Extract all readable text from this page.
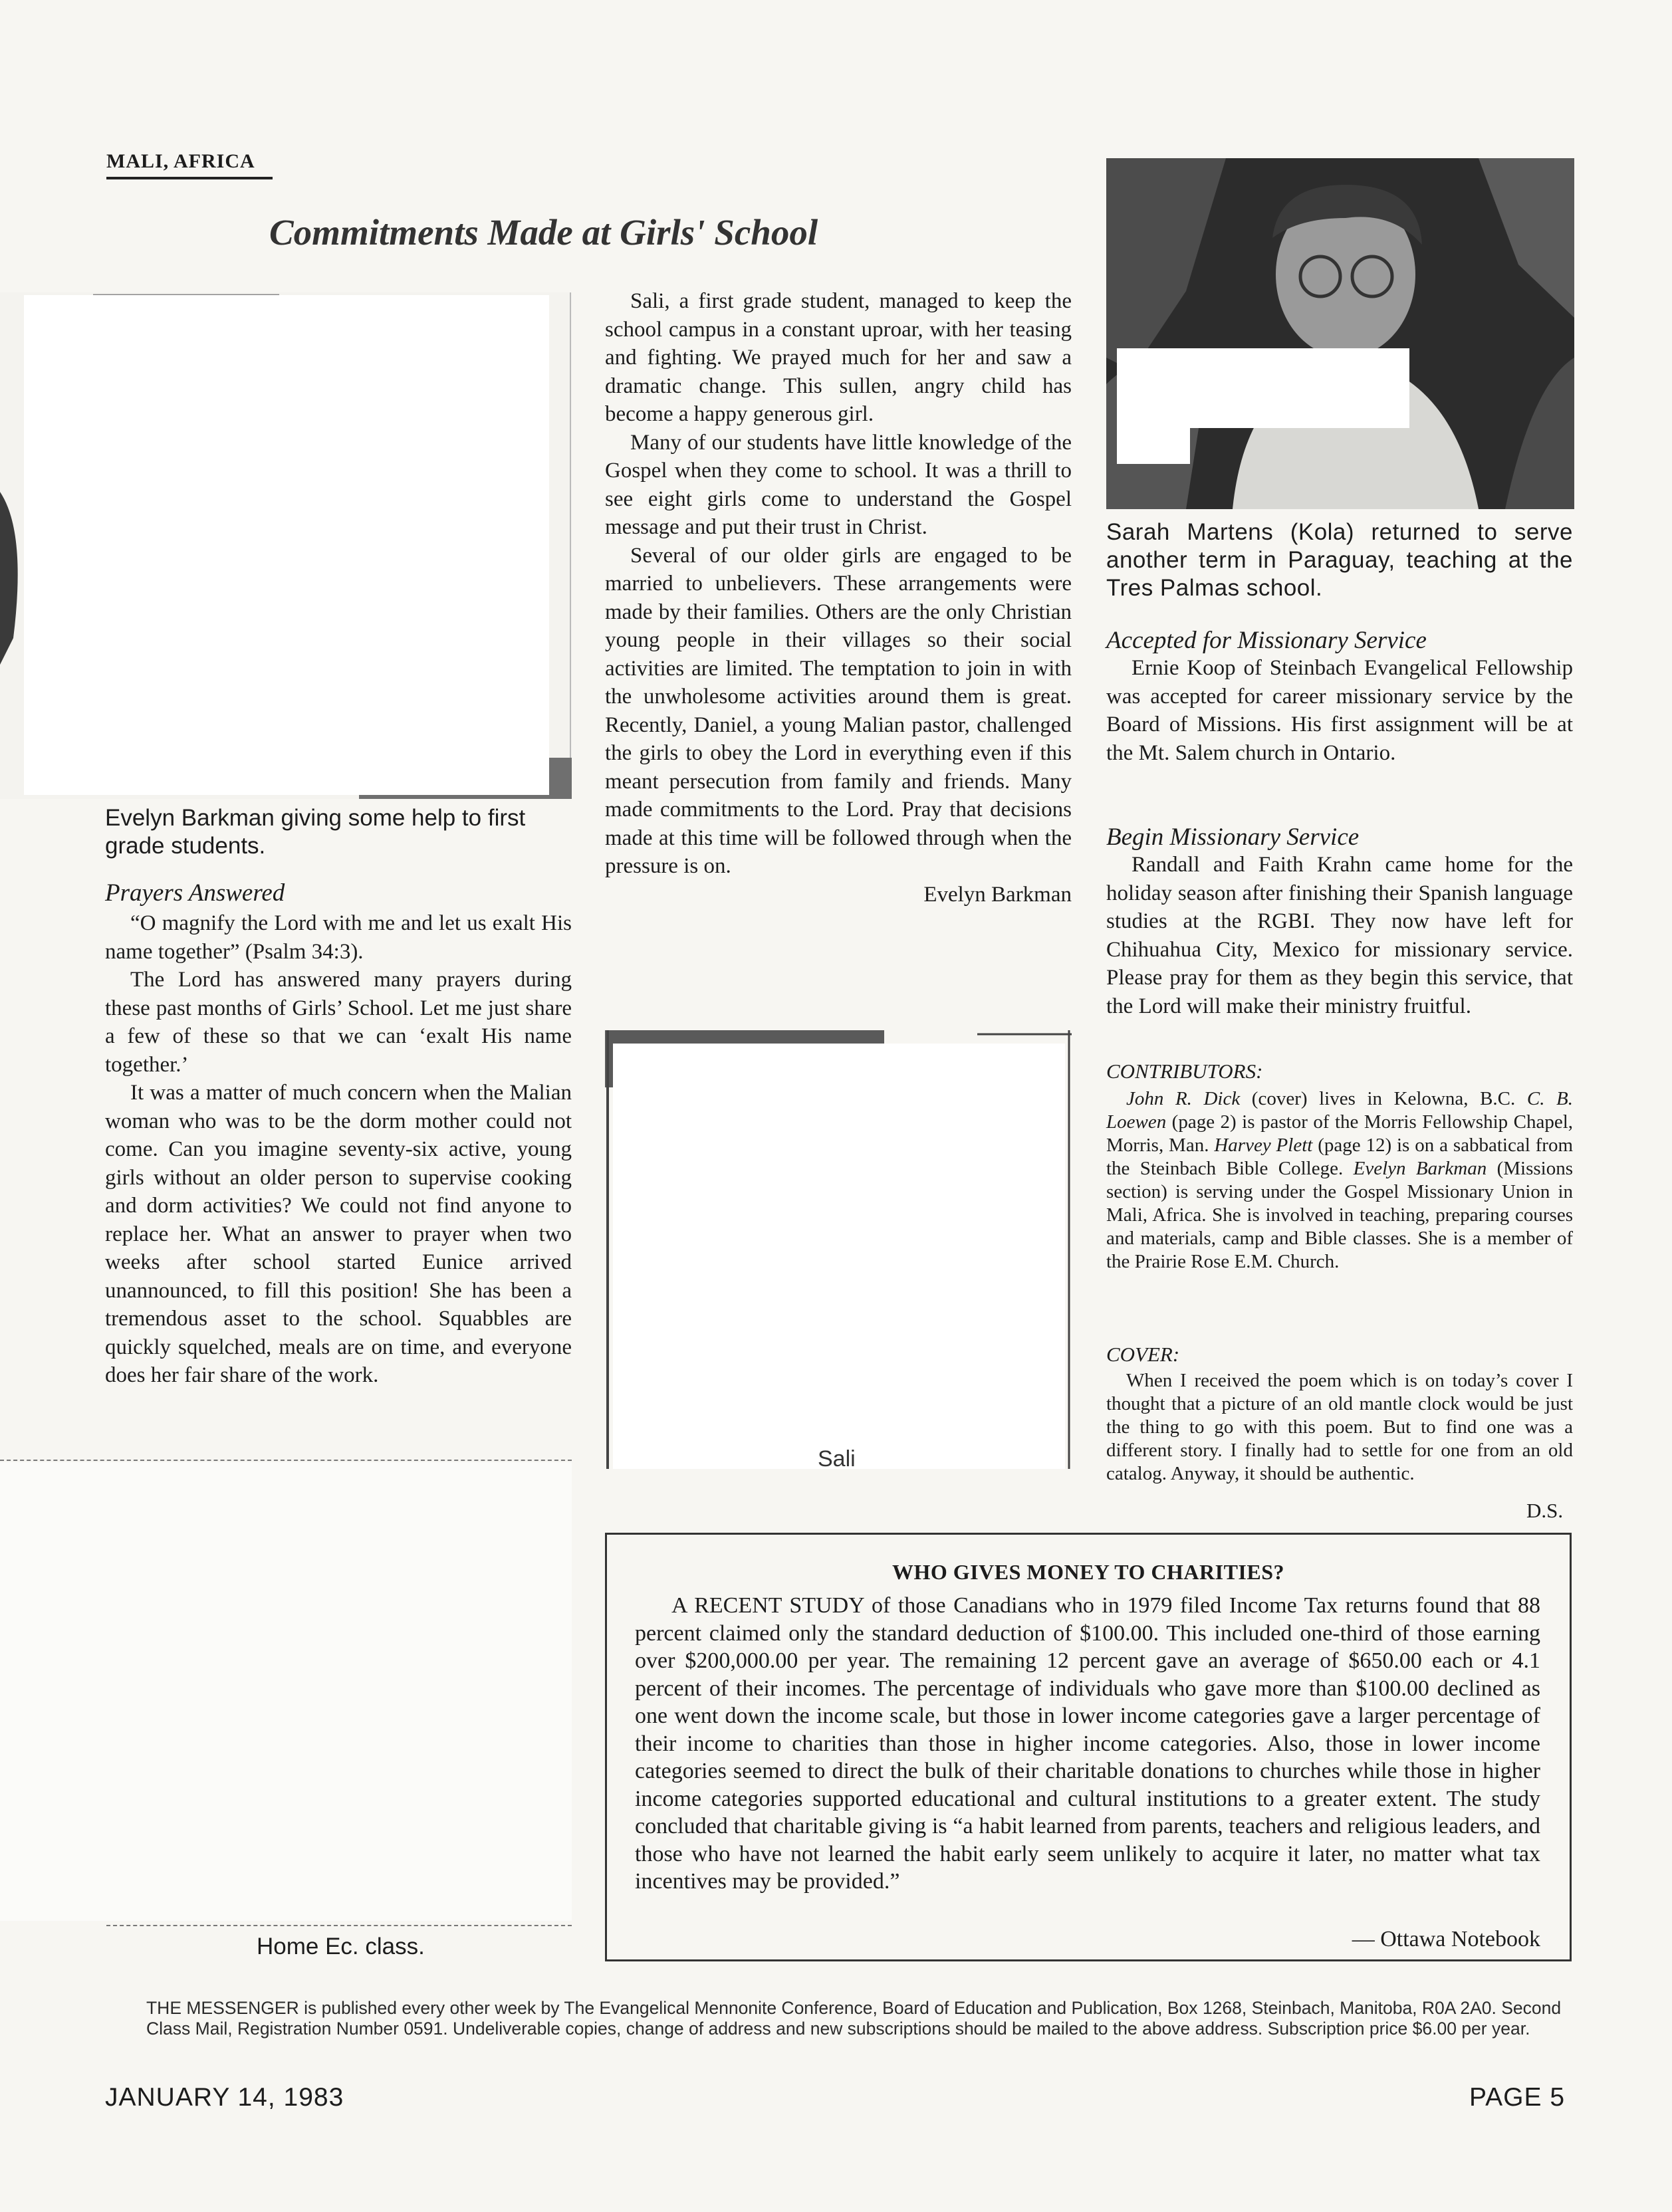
MALI, AFRICA
Commitments Made at Girls' School
Evelyn Barkman giving some help to first grade students.
Prayers Answered

“O magnify the Lord with me and let us exalt His name together” (Psalm 34:3).

The Lord has answered many prayers during these past months of Girls’ School. Let me just share a few of these so that we can ‘exalt His name together.’

It was a matter of much concern when the Malian woman who was to be the dorm mother could not come. Can you imagine seventy-six active, young girls without an older person to supervise cooking and dorm activities? We could not find anyone to replace her. What an answer to prayer when two weeks after school started Eunice arrived unannounced, to fill this position! She has been a tremendous asset to the school. Squabbles are quickly squelched, meals are on time, and everyone does her fair share of the work.

Sali, a first grade student, managed to keep the school campus in a constant uproar, with her teasing and fighting. We prayed much for her and saw a dramatic change. This sullen, angry child has become a happy generous girl.

Many of our students have little knowledge of the Gospel when they come to school. It was a thrill to see eight girls come to understand the Gospel message and put their trust in Christ.

Several of our older girls are engaged to be married to unbelievers. These arrangements were made by their families. Others are the only Christian young people in their villages so their social activities are limited. The temptation to join in with the unwholesome activities around them is great. Recently, Daniel, a young Malian pastor, challenged the girls to obey the Lord in everything even if this meant persecution from family and friends. Many made commitments to the Lord. Pray that decisions made at this time will be followed through when the pressure is on.

Evelyn Barkman

Sali
Sarah Martens (Kola) returned to serve another term in Paraguay, teaching at the Tres Palmas school.
Accepted for Missionary Service
Ernie Koop of Steinbach Evangelical Fellowship was accepted for career missionary service by the Board of Missions. His first assignment will be at the Mt. Salem church in Ontario.
Begin Missionary Service
Randall and Faith Krahn came home for the holiday season after finishing their Spanish language studies at the RGBI. They now have left for Chihuahua City, Mexico for missionary service. Please pray for them as they begin this service, that the Lord will make their ministry fruitful.
CONTRIBUTORS:
John R. Dick (cover) lives in Kelowna, B.C. C. B. Loewen (page 2) is pastor of the Morris Fellowship Chapel, Morris, Man. Harvey Plett (page 12) is on a sabbatical from the Steinbach Bible College. Evelyn Barkman (Missions section) is serving under the Gospel Missionary Union in Mali, Africa. She is involved in teaching, preparing courses and materials, camp and Bible classes. She is a member of the Prairie Rose E.M. Church.
COVER:
When I received the poem which is on today’s cover I thought that a picture of an old mantle clock would be just the thing to go with this poem. But to find one was a different story. I finally had to settle for one from an old catalog. Anyway, it should be authentic.
D.S.
WHO GIVES MONEY TO CHARITIES?
A RECENT STUDY of those Canadians who in 1979 filed Income Tax returns found that 88 percent claimed only the standard deduction of $100.00. This included one-third of those earning over $200,000.00 per year. The remaining 12 percent gave an average of $650.00 each or 4.1 percent of their incomes. The percentage of individuals who gave more than $100.00 declined as one went down the income scale, but those in lower income categories gave a larger percentage of their income to charities than those in higher income categories. Also, those in lower income categories seemed to direct the bulk of their charitable donations to churches while those in higher income categories supported educational and cultural institutions to a greater extent. The study concluded that charitable giving is “a habit learned from parents, teachers and religious leaders, and those who have not learned the habit early seem unlikely to acquire it later, no matter what tax incentives may be provided.”
— Ottawa Notebook
Home Ec. class.
THE MESSENGER is published every other week by The Evangelical Mennonite Conference, Board of Education and Publication, Box 1268, Steinbach, Manitoba, R0A 2A0. Second Class Mail, Registration Number 0591. Undeliverable copies, change of address and new subscriptions should be mailed to the above address. Subscription price $6.00 per year.
JANUARY 14, 1983	PAGE 5
